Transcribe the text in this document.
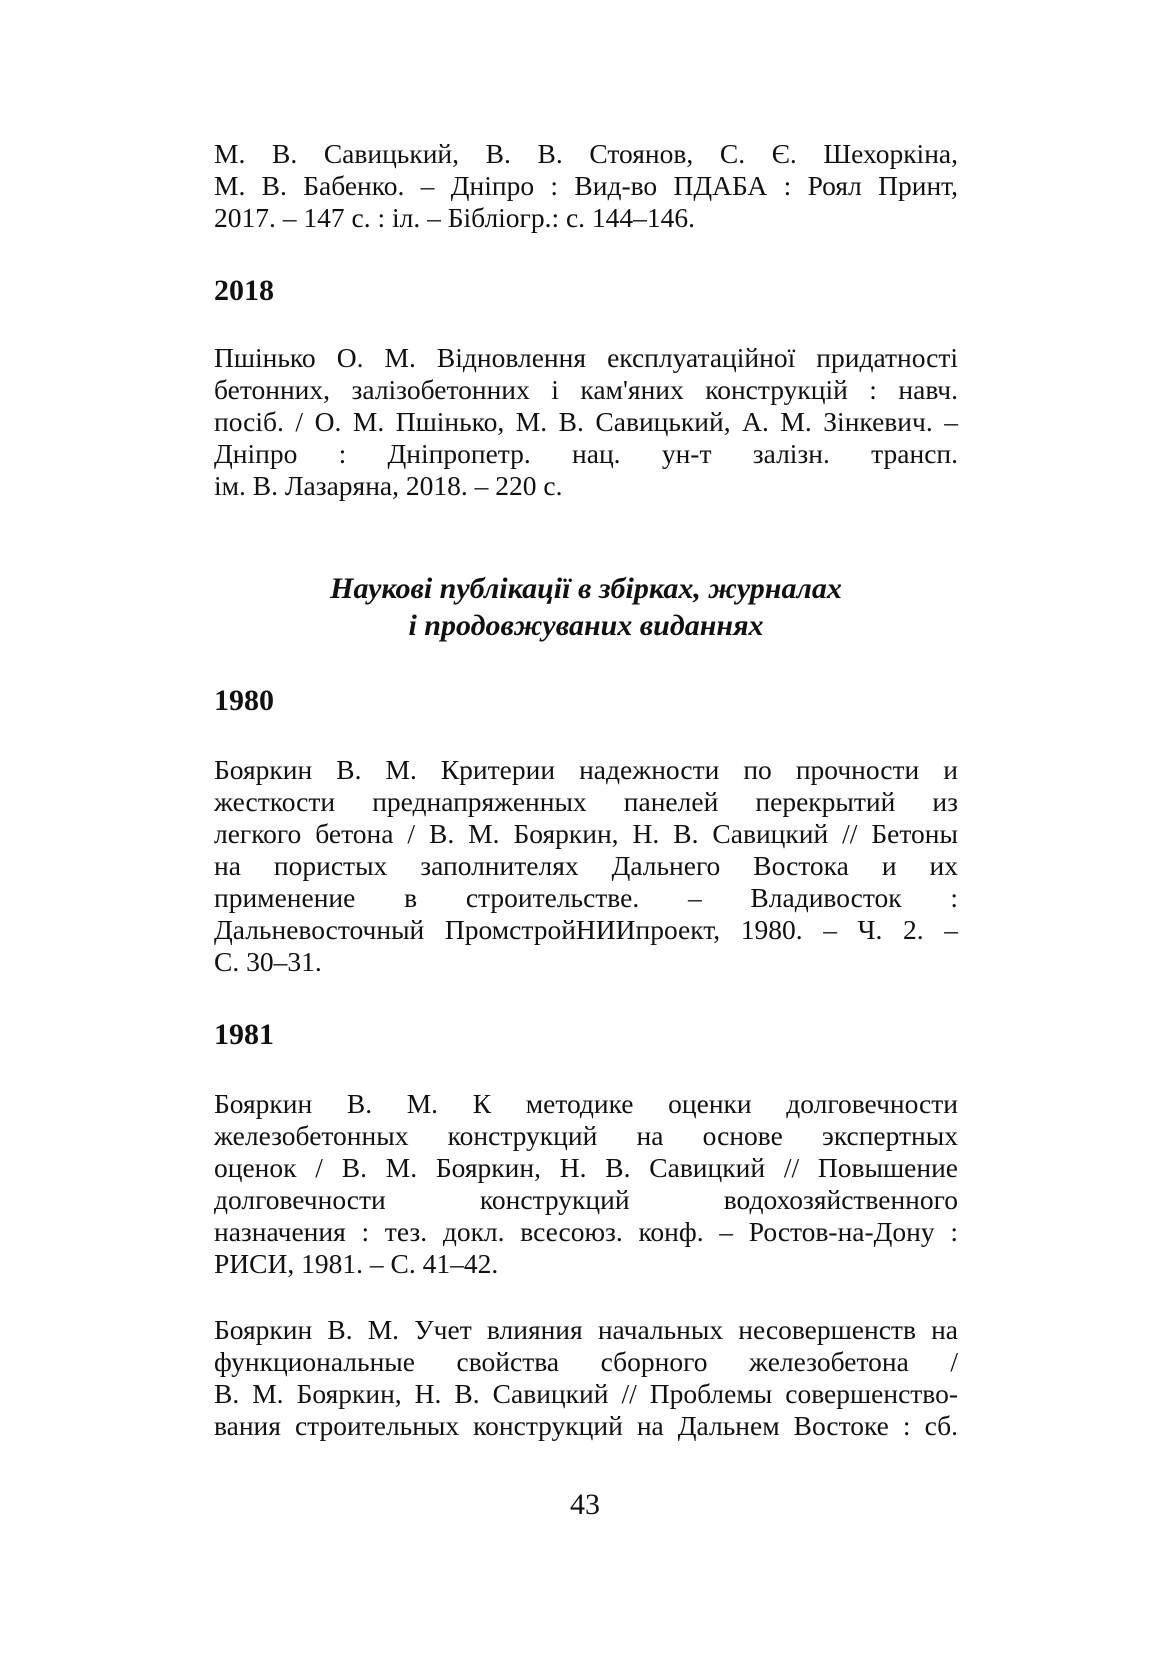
М. В. Савицький, В. В. Стоянов, С. Є. Шехоркіна,
М. В. Бабенко. – Дніпро : Вид-во ПДАБА : Роял Принт,
2017. – 147 с. : іл. – Бібліогр.: с. 144–146.

2018

Пшінько О. М. Відновлення експлуатаційної придатності
бетонних, залізобетонних і кам'яних конструкцій : навч.
посіб. / О. М. Пшінько, М. В. Савицький, А. М. Зінкевич. –
Дніпро : Дніпропетр. нац. ун-т залізн. трансп.
ім. В. Лазаряна, 2018. – 220 с.

Наукові публікації в збірках, журналах
і продовжуваних виданнях

1980

Бояркин В. М. Критерии надежности по прочности и
жесткости преднапряженных панелей перекрытий из
легкого бетона / В. М. Бояркин, Н. В. Савицкий // Бетоны
на пористых заполнителях Дальнего Востока и их
применение в строительстве. – Владивосток :
Дальневосточный ПромстройНИИпроект, 1980. – Ч. 2. –
С. 30–31.

1981

Бояркин В. М. К методике оценки долговечности
железобетонных конструкций на основе экспертных
оценок / В. М. Бояркин, Н. В. Савицкий // Повышение
долговечности конструкций водохозяйственного
назначения : тез. докл. всесоюз. конф. – Ростов-на-Дону :
РИСИ, 1981. – С. 41–42.

Бояркин В. М. Учет влияния начальных несовершенств на
функциональные свойства сборного железобетона /
В. М. Бояркин, Н. В. Савицкий // Проблемы совершенство-
вания строительных конструкций на Дальнем Востоке : сб.

43
